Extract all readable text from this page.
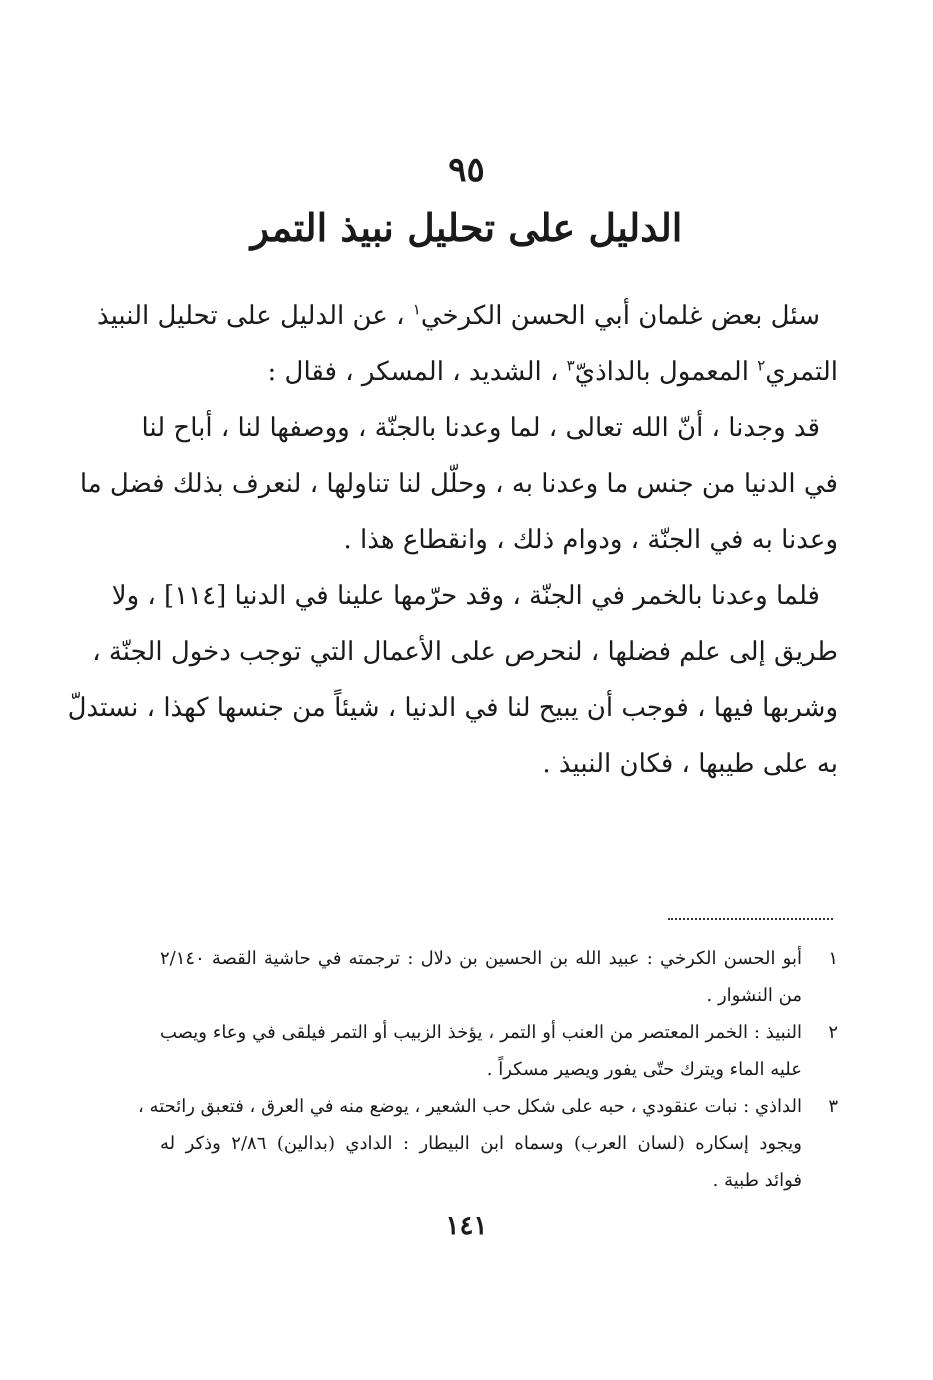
٩٥
الدليل على تحليل نبيذ التمر
سئل بعض غلمان أبي الحسن الكرخي$^١$ ، عن الدليل على تحليل النبيذ
التمري$^٢$ المعمول بالداذيّ$^٣$ ، الشديد ، المسكر ، فقال :
قد وجدنا ، أنّ الله تعالى ، لما وعدنا بالجنّة ، ووصفها لنا ، أباح لنا
في الدنيا من جنس ما وعدنا به ، وحلّل لنا تناولها ، لنعرف بذلك فضل ما
وعدنا به في الجنّة ، ودوام ذلك ، وانقطاع هذا .
فلما وعدنا بالخمر في الجنّة ، وقد حرّمها علينا في الدنيا [١١٤] ، ولا
طريق إلى علم فضلها ، لنحرص على الأعمال التي توجب دخول الجنّة ،
وشربها فيها ، فوجب أن يبيح لنا في الدنيا ، شيئاً من جنسها كهذا ، نستدلّ
به على طيبها ، فكان النبيذ .
١
أبو الحسن الكرخي : عبيد الله بن الحسين بن دلال : ترجمته في حاشية القصة ٢/١٤٠
من النشوار .
٢
النبيذ : الخمر المعتصر من العنب أو التمر ، يؤخذ الزبيب أو التمر فيلقى في وعاء ويصب
عليه الماء ويترك حتّى يفور ويصير مسكراً .
٣
الداذي : نبات عنقودي ، حبه على شكل حب الشعير ، يوضع منه في العرق ، فتعبق رائحته ،
ويجود إسكاره (لسان العرب) وسماه ابن البيطار : الدادي (بدالين) ٢/٨٦ وذكر له
فوائد طبية .
١٤١
